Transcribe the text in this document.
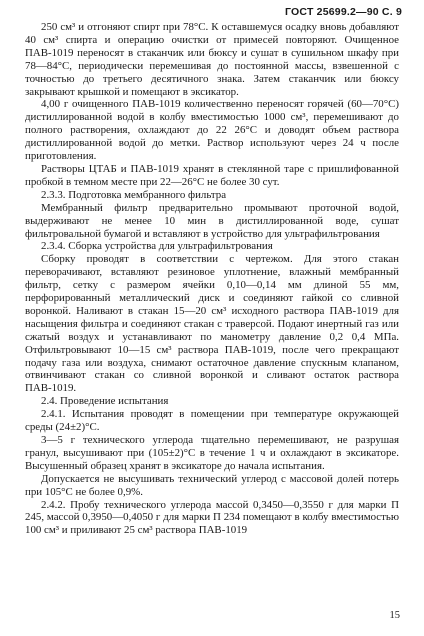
ГОСТ 25699.2—90 С. 9

250 см³ и отгоняют спирт при 78°С. К оставшемуся осадку вновь добавляют 40 см³ спирта и операцию очистки от примесей повторяют. Очищенное ПАВ-1019 переносят в стаканчик или бюксу и сушат в сушильном шкафу при 78—84°С, периодически перемешивая до постоянной массы, взвешенной с точностью до третьего десятичного знака. Затем стаканчик или бюксу закрывают крышкой и помещают в эксикатор.

4,00 г очищенного ПАВ-1019 количественно переносят горячей (60—70°С) дистиллированной водой в колбу вместимостью 1000 см³, перемешивают до полного растворения, охлаждают до 22 26°С и доводят объем раствора дистиллированной водой до метки. Раствор используют через 24 ч после приготовления.

Растворы ЦТАБ и ПАВ-1019 хранят в стеклянной таре с пришлифованной пробкой в темном месте при 22—26°С не более 30 сут.

2.3.3. Подготовка мембранного фильтра

Мембранный фильтр предварительно промывают проточной водой, выдерживают не менее 10 мин в дистиллированной воде, сушат фильтровальной бумагой и вставляют в устройство для ультрафильтрования

2.3.4. Сборка устройства для ультрафильтрования

Сборку проводят в соответствии с чертежом. Для этого стакан переворачивают, вставляют резиновое уплотнение, влажный мембранный фильтр, сетку с размером ячейки 0,10—0,14 мм длиной 55 мм, перфорированный металлический диск и соединяют гайкой со сливной воронкой. Наливают в стакан 15—20 см³ исходного раствора ПАВ-1019 для насыщения фильтра и соединяют стакан с траверсой. Подают инертный газ или сжатый воздух и устанавливают по манометру давление 0,2 0,4 МПа. Отфильтровывают 10—15 см³ раствора ПАВ-1019, после чего прекращают подачу газа или воздуха, снимают остаточное давление спускным клапаном, отвинчивают стакан со сливной воронкой и сливают остаток раствора ПАВ-1019.

2.4. Проведение испытания

2.4.1. Испытания проводят в помещении при температуре окружающей среды (24±2)°С.

3—5 г технического углерода тщательно перемешивают, не разрушая гранул, высушивают при (105±2)°С в течение 1 ч и охлаждают в эксикаторе. Высушенный образец хранят в эксикаторе до начала испытания.

Допускается не высушивать технический углерод с массовой долей потерь при 105°С не более 0,9%.

2.4.2. Пробу технического углерода массой 0,3450—0,3550 г для марки П 245, массой 0,3950—0,4050 г для марки П 234 помещают в колбу вместимостью 100 см³ и приливают 25 см³ раствора ПАВ-1019

15
